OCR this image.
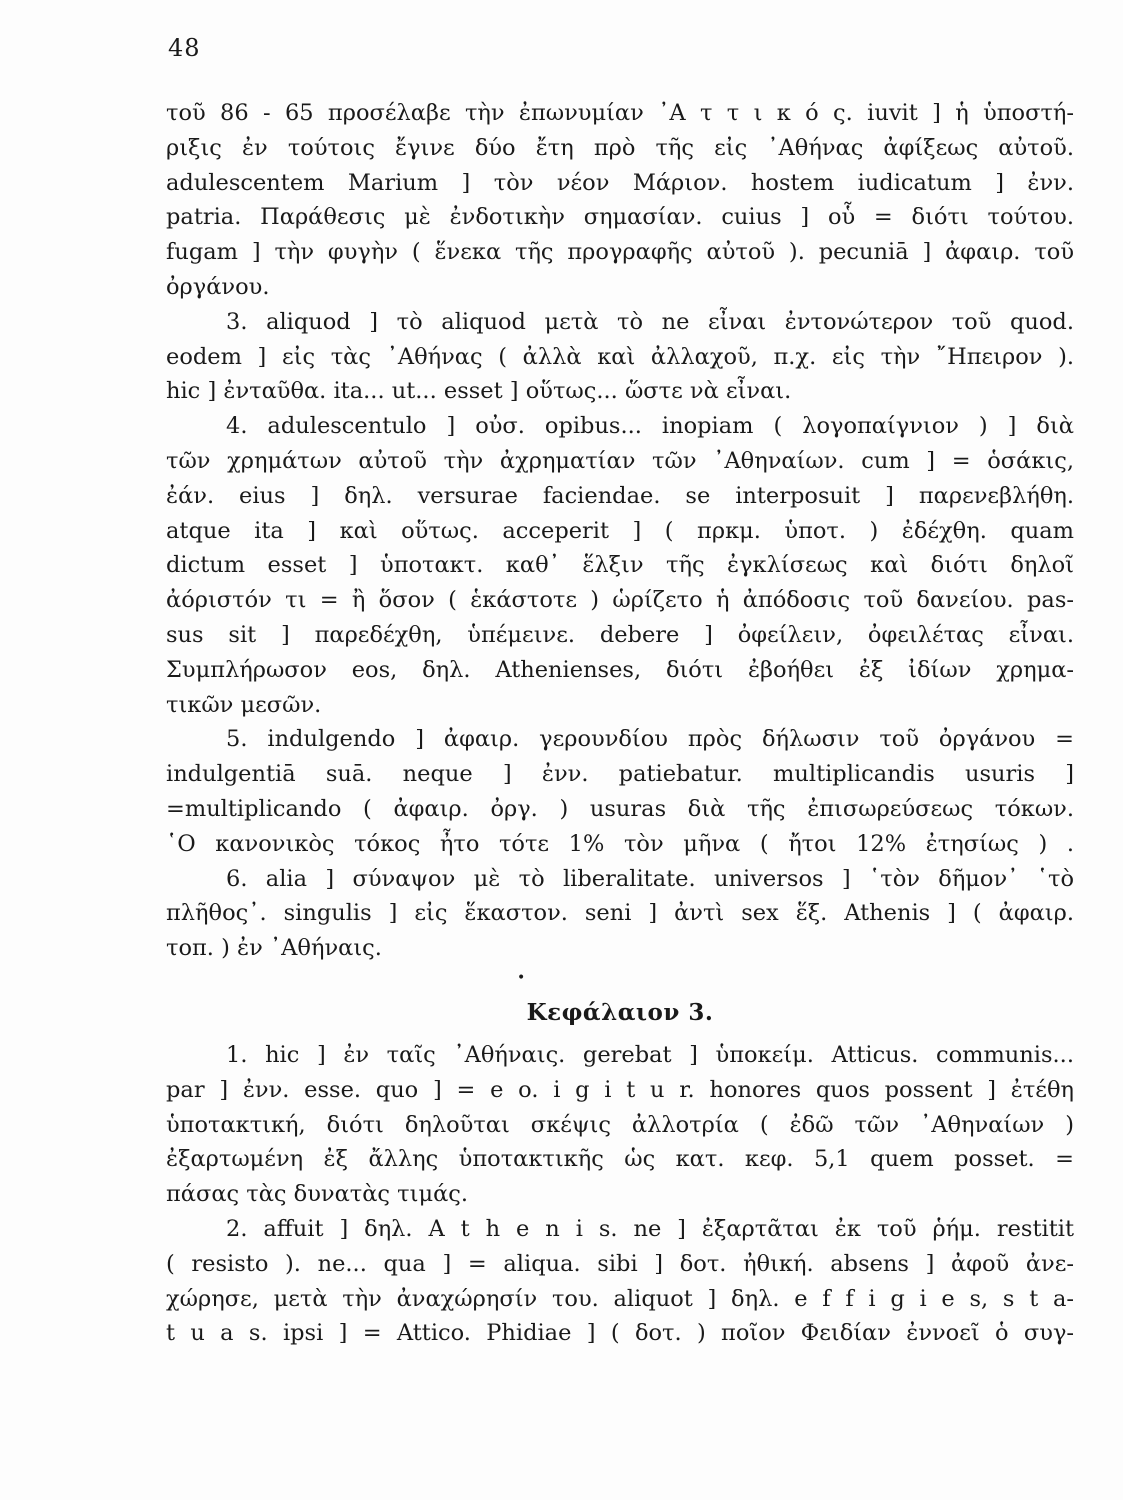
48
τοῦ 86 - 65 προσέλαβε τὴν ἐπωνυμίαν ᾿Α τ τ ι κ ό ς. iuvit ] ἡ ὑποστή-
ριξις ἐν τούτοις ἔγινε δύο ἔτη πρὸ τῆς εἰς ᾿Αθήνας ἀφίξεως αὐτοῦ.
adulescentem Marium ] τὸν νέον Μάριον. hostem iudicatum ] ἐνν.
patria. Παράθεσις μὲ ἐνδοτικὴν σημασίαν. cuius ] οὗ = διότι τούτου.
fugam ] τὴν φυγὴν ( ἕνεκα τῆς προγραφῆς αὐτοῦ ). pecuniā ] ἀφαιρ. τοῦ
ὀργάνου.
3. aliquod ] τὸ aliquod μετὰ τὸ ne εἶναι ἐντονώτερον τοῦ quod.
eodem ] εἰς τὰς ᾿Αθήνας ( ἀλλὰ καὶ ἀλλαχοῦ, π.χ. εἰς τὴν ῎Ηπειρον ).
hic ] ἐνταῦθα. ita... ut... esset ] οὕτως... ὥστε νὰ εἶναι.
4. adulescentulo ] οὐσ. opibus... inopiam ( λογοπαίγνιον ) ] διὰ
τῶν χρημάτων αὐτοῦ τὴν ἀχρηματίαν τῶν ᾿Αθηναίων. cum ] = ὁσάκις,
ἐάν. eius ] δηλ. versurae faciendae. se interposuit ] παρενεβλήθη.
atque ita ] καὶ οὕτως. acceperit ] ( πρκμ. ὑποτ. ) ἐδέχθη. quam
dictum esset ] ὑποτακτ. καθ᾿ ἕλξιν τῆς ἐγκλίσεως καὶ διότι δηλοῖ
ἀόριστόν τι = ἢ ὅσον ( ἑκάστοτε ) ὡρίζετο ἡ ἀπόδοσις τοῦ δανείου. pas-
sus sit ] παρεδέχθη, ὑπέμεινε. debere ] ὀφείλειν, ὀφειλέτας εἶναι.
Συμπλήρωσον eos, δηλ. Athenienses, διότι ἐβοήθει ἐξ ἰδίων χρημα-
τικῶν μεσῶν.
5. indulgendo ] ἀφαιρ. γερουνδίου πρὸς δήλωσιν τοῦ ὀργάνου =
indulgentiā suā. neque ] ἐνν. patiebatur. multiplicandis usuris ]
=multiplicando ( ἀφαιρ. ὀργ. ) usuras διὰ τῆς ἐπισωρεύσεως τόκων.
῾Ο κανονικὸς τόκος ἦτο τότε 1% τὸν μῆνα ( ἤτοι 12% ἐτησίως ) .
6. alia ] σύναψον μὲ τὸ liberalitate. universos ] ῾τὸν δῆμον᾿ ῾τὸ
πλῆθος᾿. singulis ] εἰς ἕκαστον. seni ] ἀντὶ sex ἕξ. Athenis ] ( ἀφαιρ.
τοπ. ) ἐν ᾿Αθήναις.
•
Κεφάλαιον 3.
1. hic ] ἐν ταῖς ᾿Αθήναις. gerebat ] ὑποκείμ. Atticus. communis...
par ] ἐνν. esse. quo ] = e o. i g i t u r. honores quos possent ] ἐτέθη
ὑποτακτική, διότι δηλοῦται σκέψις ἀλλοτρία ( ἐδῶ τῶν ᾿Αθηναίων )
ἐξαρτωμένη ἐξ ἄλλης ὑποτακτικῆς ὡς κατ. κεφ. 5,1 quem posset. =
πάσας τὰς δυνατὰς τιμάς.
2. affuit ] δηλ. A t h e n i s. ne ] ἐξαρτᾶται ἐκ τοῦ ῥήμ. restitit
( resisto ). ne... qua ] = aliqua. sibi ] δοτ. ἠθική. absens ] ἀφοῦ ἀνε-
χώρησε, μετὰ τὴν ἀναχώρησίν του. aliquot ] δηλ. e f f i g i e s, s t a-
t u a s. ipsi ] = Attico. Phidiae ] ( δοτ. ) ποῖον Φειδίαν ἐννοεῖ ὁ συγ-
